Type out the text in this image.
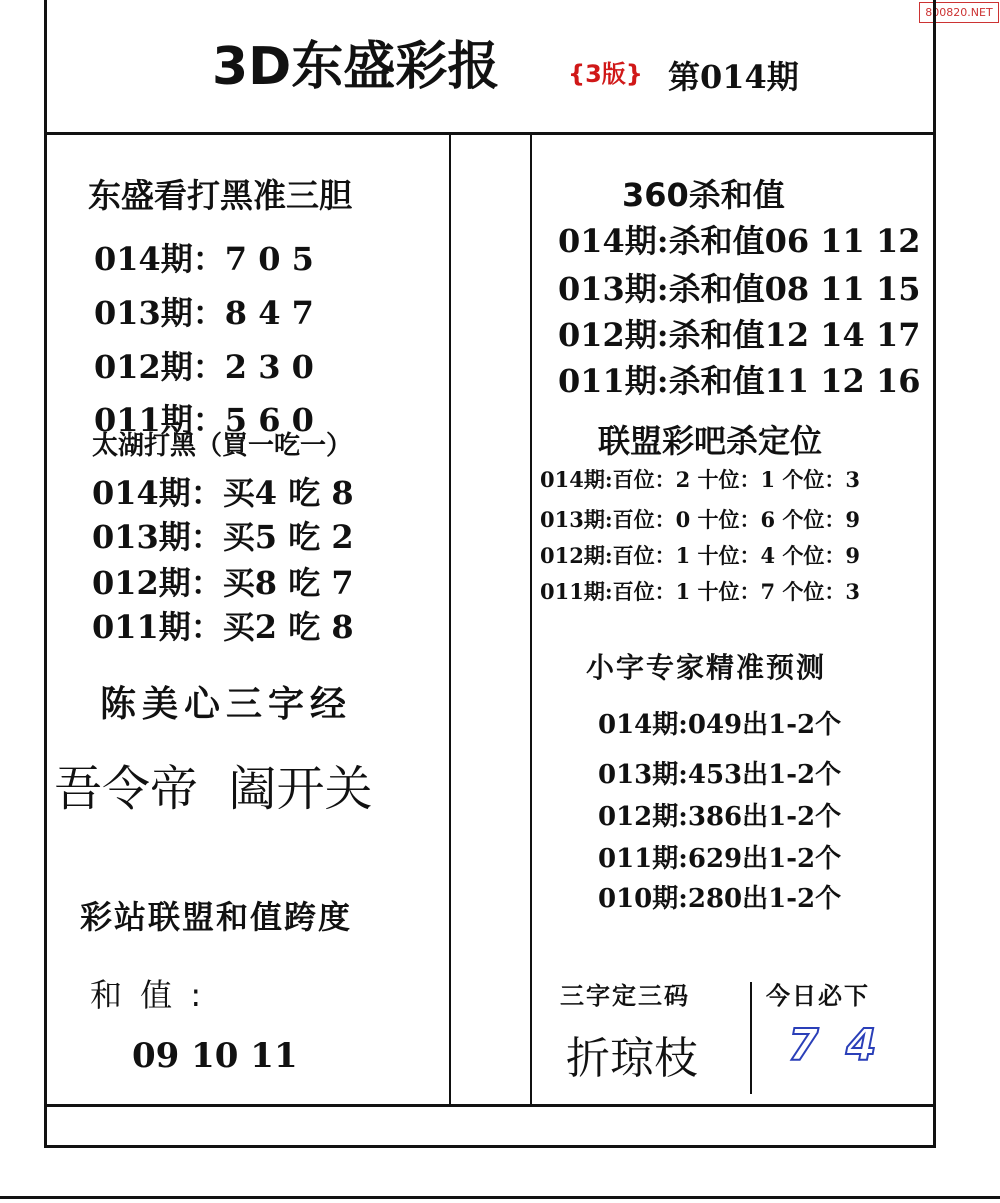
800820.NET
3D东盛彩报	{3版} 第014期
东盛看打黑准三胆
014期：7 0 5
013期：8 4 7
012期：2 3 0
011期：5 6 0
太湖打黑（買一吃一）
014期：买4 吃 8
013期：买5 吃 2
012期：买8 吃 7
011期：买2 吃 8
陈美心三字经
吾令帝  阖开关
彩站联盟和值跨度
和 值 :
09 10 11
360杀和值
014期:杀和值06 11 12
013期:杀和值08 11 15
012期:杀和值12 14 17
011期:杀和值11 12 16
联盟彩吧杀定位
014期:百位：2 十位：1 个位：3
013期:百位：0 十位：6 个位：9
012期:百位：1 十位：4 个位：9
011期:百位：1 十位：7 个位：3
小字专家精准预测
014期:049出1-2个
013期:453出1-2个
012期:386出1-2个
011期:629出1-2个
010期:280出1-2个
三字定三码
折琼枝
今日必下
7 4
